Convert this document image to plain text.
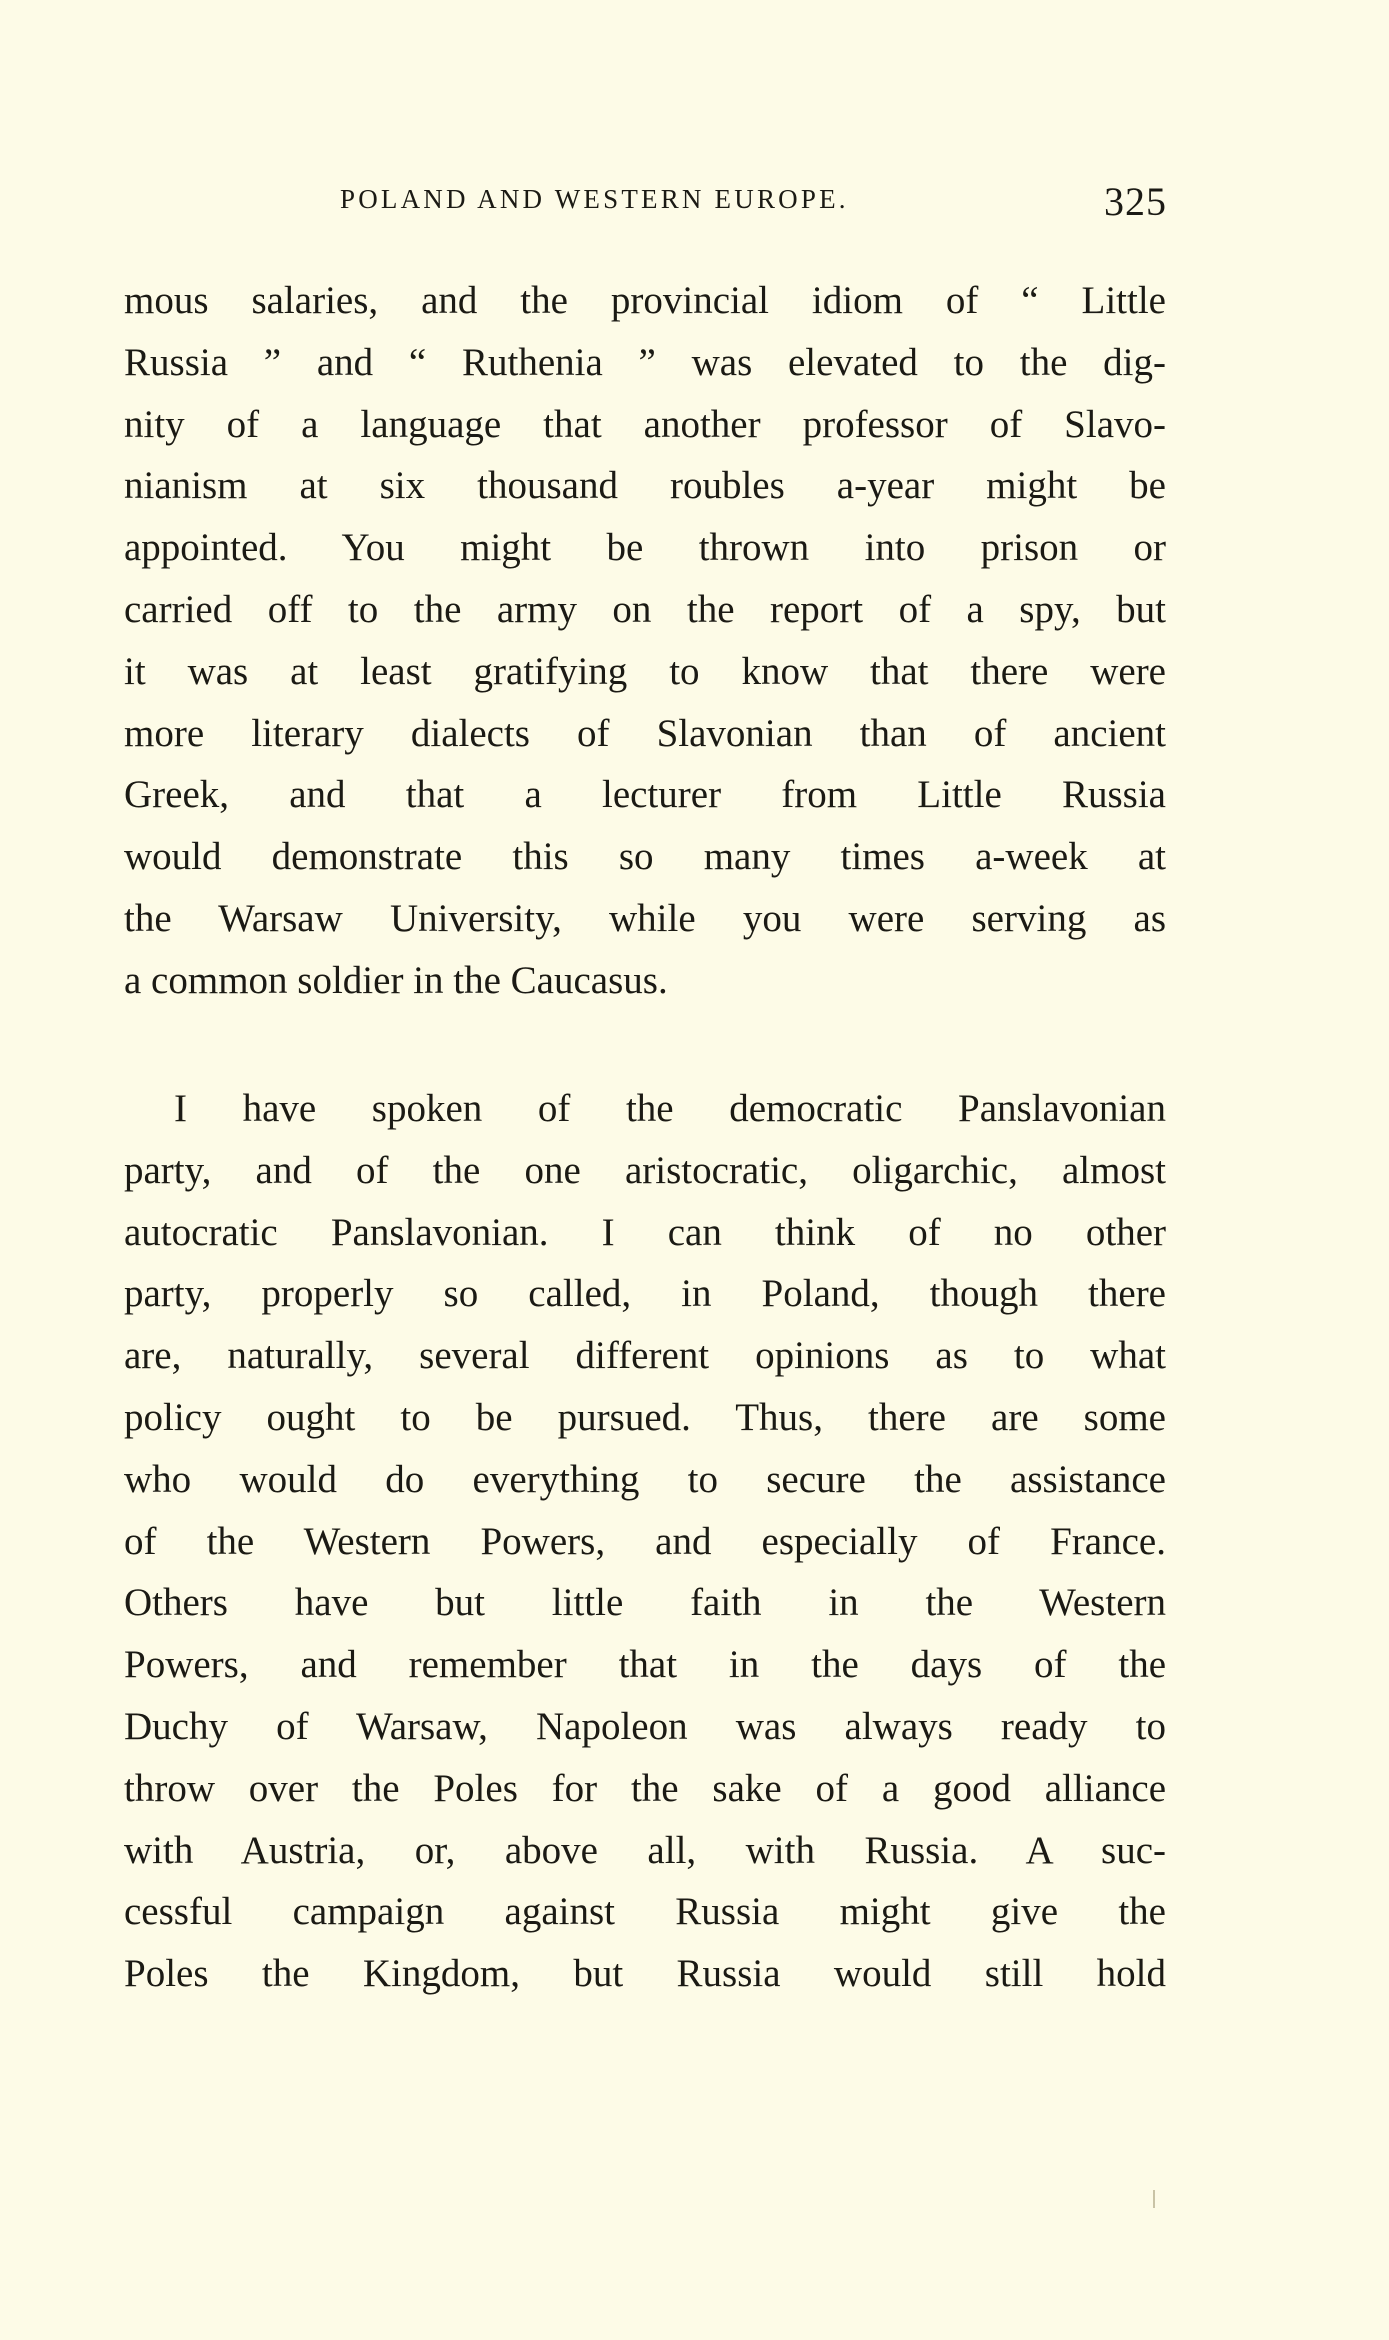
POLAND AND WESTERN EUROPE.	325
mous salaries, and the provincial idiom of “ Little
Russia ” and “ Ruthenia ” was elevated to the dig-
nity of a language that another professor of Slavo-
nianism at six thousand roubles a-year might be
appointed. You might be thrown into prison or
carried off to the army on the report of a spy, but
it was at least gratifying to know that there were
more literary dialects of Slavonian than of ancient
Greek, and that a lecturer from Little Russia
would demonstrate this so many times a-week at
the Warsaw University, while you were serving as
a common soldier in the Caucasus.
I have spoken of the democratic Panslavonian
party, and of the one aristocratic, oligarchic, almost
autocratic Panslavonian. I can think of no other
party, properly so called, in Poland, though there
are, naturally, several different opinions as to what
policy ought to be pursued. Thus, there are some
who would do everything to secure the assistance
of the Western Powers, and especially of France.
Others have but little faith in the Western
Powers, and remember that in the days of the
Duchy of Warsaw, Napoleon was always ready to
throw over the Poles for the sake of a good alliance
with Austria, or, above all, with Russia. A suc-
cessful campaign against Russia might give the
Poles the Kingdom, but Russia would still hold
